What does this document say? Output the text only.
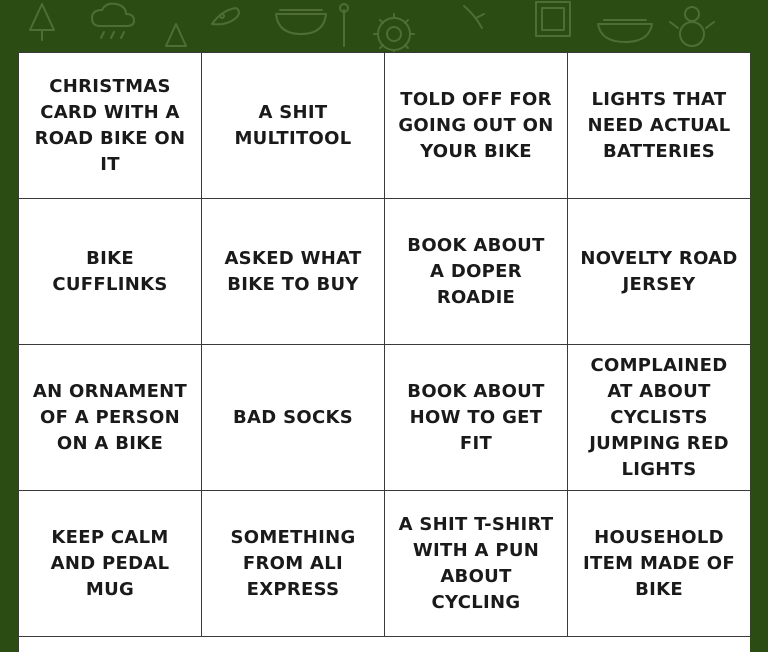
CHRISTMAS CARD WITH A ROAD BIKE ON IT
A SHIT MULTITOOL
TOLD OFF FOR GOING OUT ON YOUR BIKE
LIGHTS THAT NEED ACTUAL BATTERIES
BIKE CUFFLINKS
ASKED WHAT BIKE TO BUY
BOOK ABOUT A DOPER ROADIE
NOVELTY ROAD JERSEY
AN ORNAMENT OF A PERSON ON A BIKE
BAD SOCKS
BOOK ABOUT HOW TO GET FIT
COMPLAINED AT ABOUT CYCLISTS JUMPING RED LIGHTS
KEEP CALM AND PEDAL MUG
SOMETHING FROM ALI EXPRESS
A SHIT T-SHIRT WITH A PUN ABOUT CYCLING
HOUSEHOLD ITEM MADE OF BIKE
